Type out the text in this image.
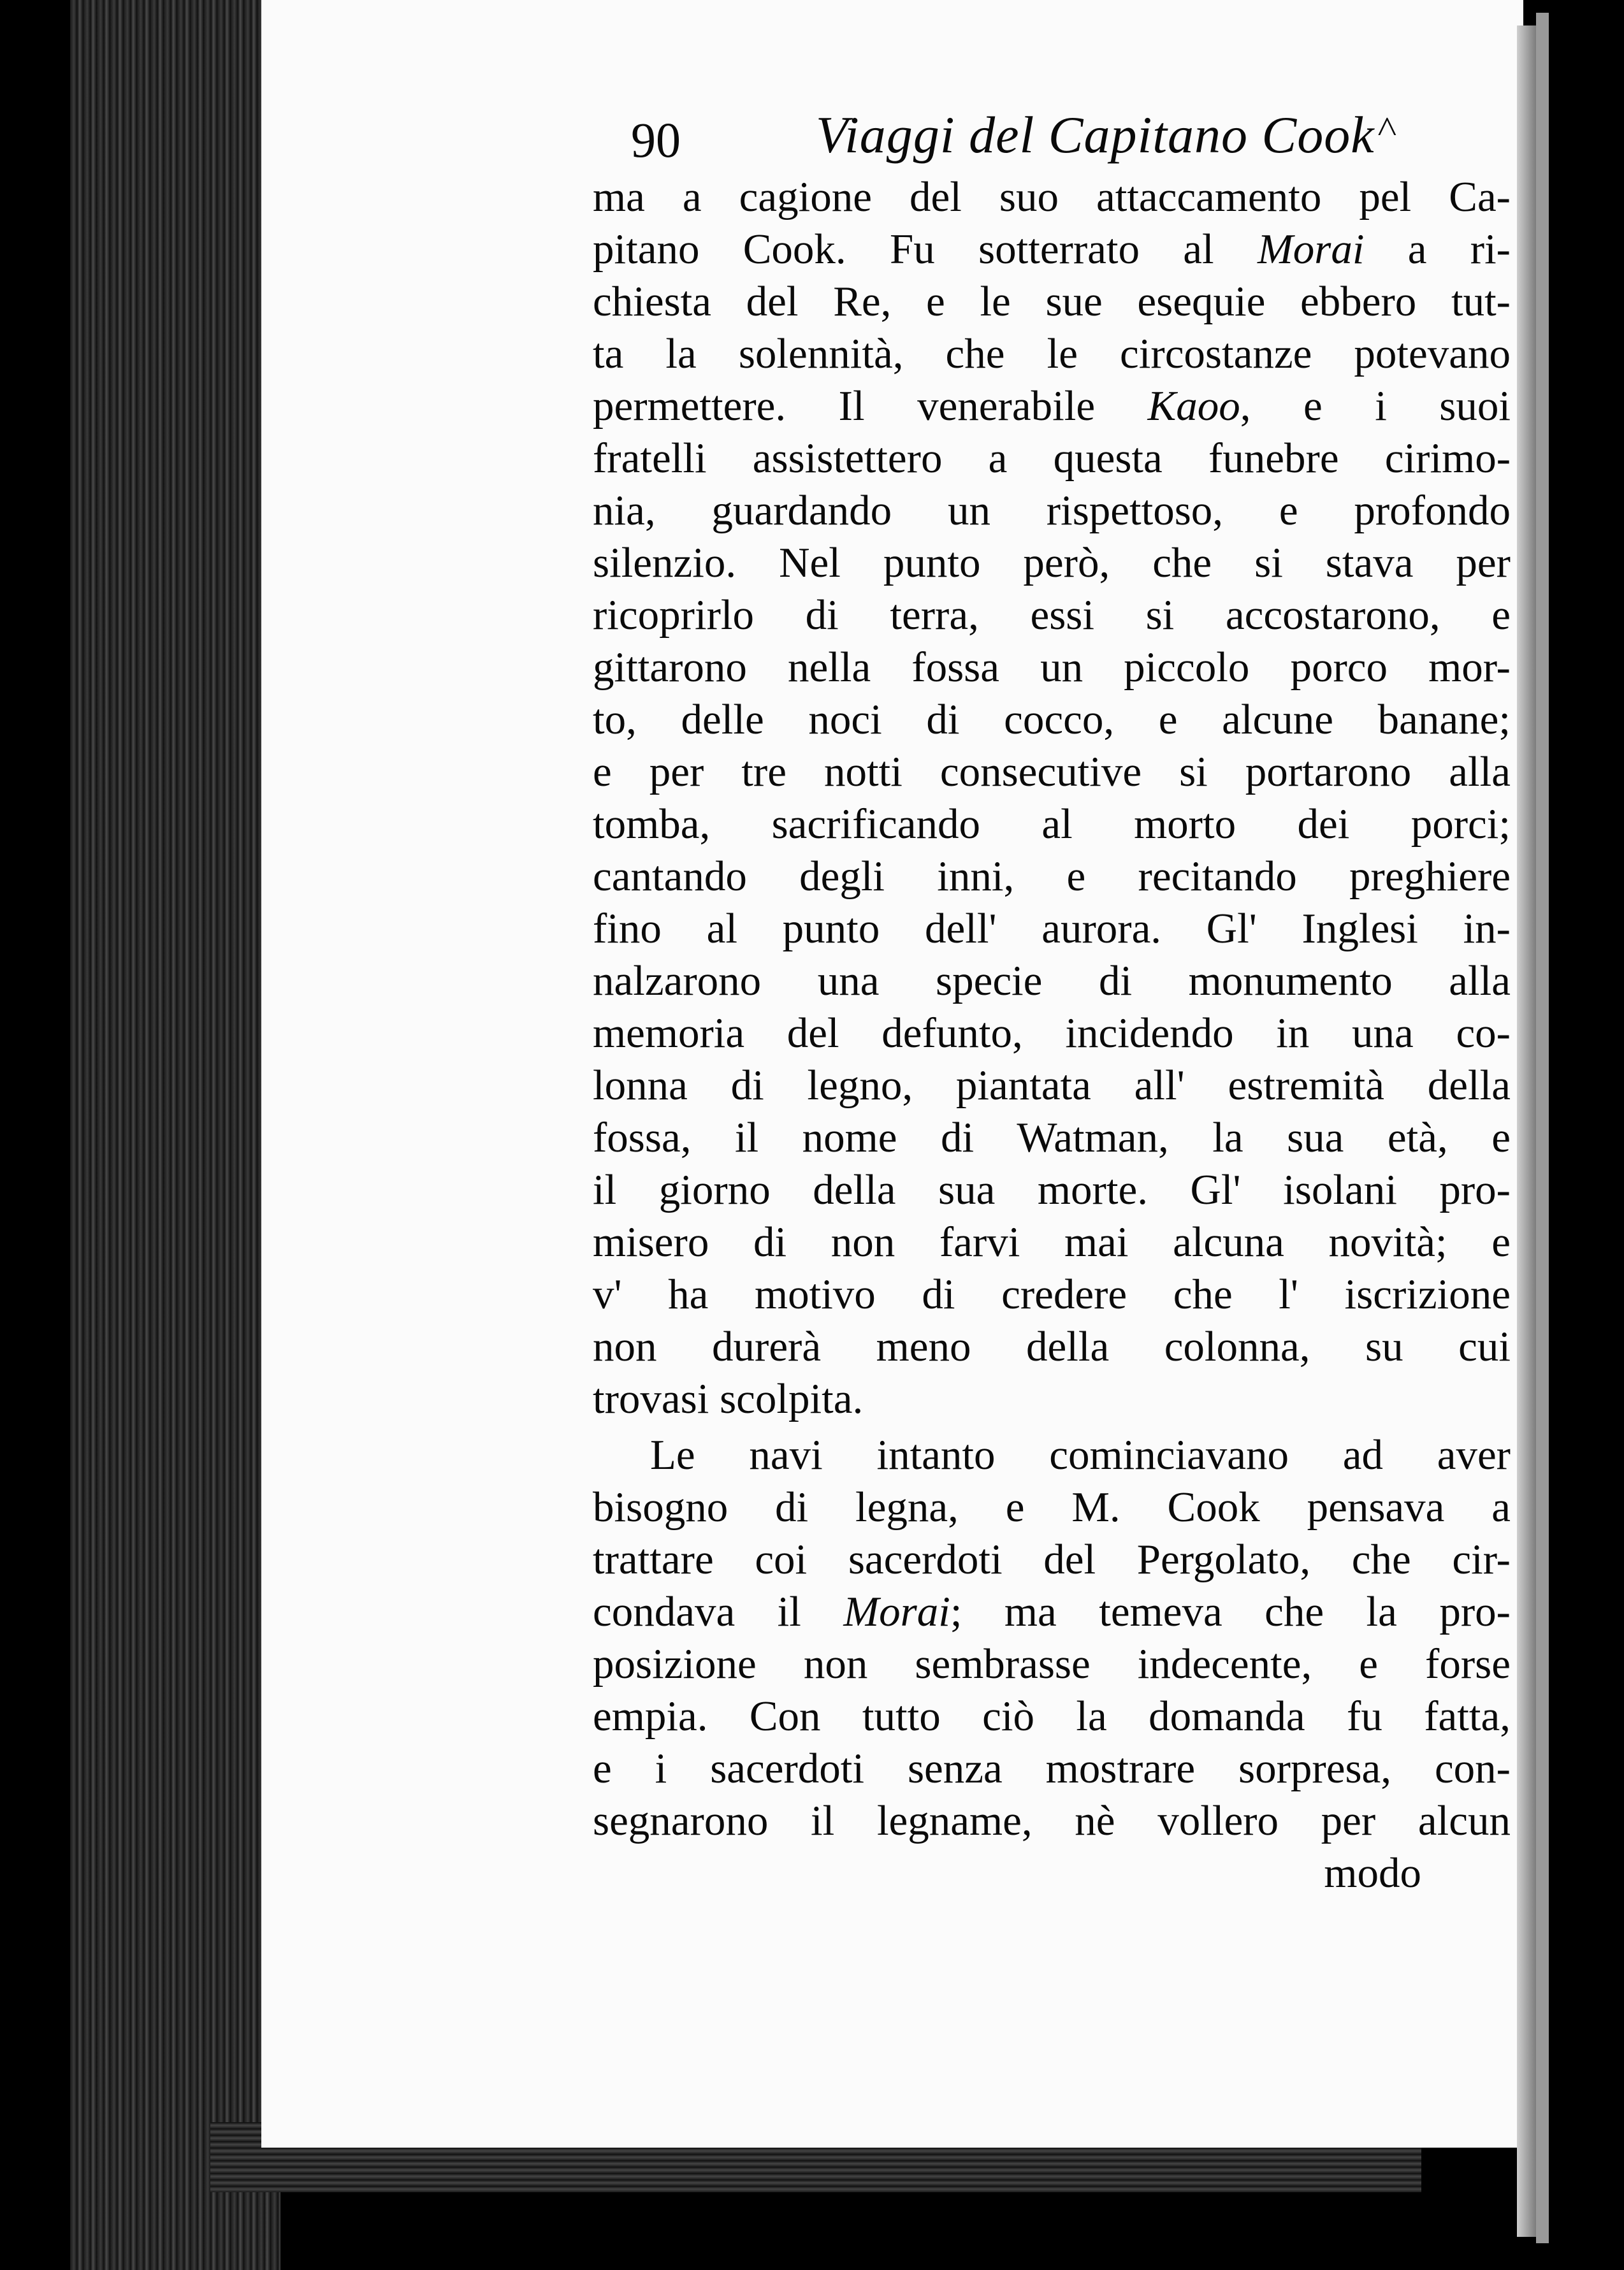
90	Viaggi del Capitano Cook ˄
ma a cagione del suo attaccamento pel Ca-
pitano Cook. Fu sotterrato al Morai a ri-
chiesta del Re, e le sue esequie ebbero tut-
ta la solennità, che le circostanze potevano
permettere. Il venerabile Kaoo, e i suoi
fratelli assistettero a questa funebre cirimo-
nia, guardando un rispettoso, e profondo
silenzio. Nel punto però, che si stava per
ricoprirlo di terra, essi si accostarono, e
gittarono nella fossa un piccolo porco mor-
to, delle noci di cocco, e alcune banane;
e per tre notti consecutive si portarono alla
tomba, sacrificando al morto dei porci;
cantando degli inni, e recitando preghiere
fino al punto dell' aurora. Gl' Inglesi in-
nalzarono una specie di monumento alla
memoria del defunto, incidendo in una co-
lonna di legno, piantata all' estremità della
fossa, il nome di Watman, la sua età, e
il giorno della sua morte. Gl' isolani pro-
misero di non farvi mai alcuna novità; e
v' ha motivo di credere che l' iscrizione
non durerà meno della colonna, su cui
trovasi scolpita.
Le navi intanto cominciavano ad aver
bisogno di legna, e M. Cook pensava a
trattare coi sacerdoti del Pergolato, che cir-
condava il Morai; ma temeva che la pro-
posizione non sembrasse indecente, e forse
empia. Con tutto ciò la domanda fu fatta,
e i sacerdoti senza mostrare sorpresa, con-
segnarono il legname, nè vollero per alcun
modo
